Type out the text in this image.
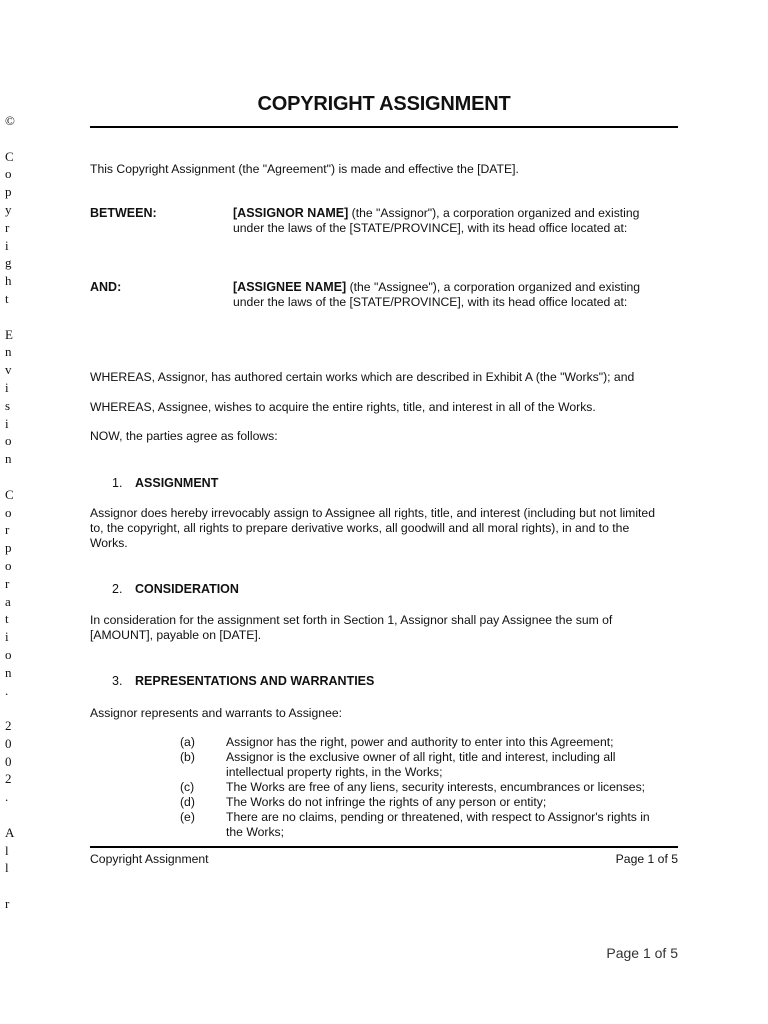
©
C
o
p
y
r
i
g
h
t
E
n
v
i
s
i
o
n
C
o
r
p
o
r
a
t
i
o
n
.
2
0
0
2
.
A
l
l
r
COPYRIGHT ASSIGNMENT
This Copyright Assignment (the "Agreement") is made and effective the [DATE].
BETWEEN:	[ASSIGNOR NAME] (the "Assignor"), a corporation organized and existing
under the laws of the [STATE/PROVINCE], with its head office located at:
AND:	[ASSIGNEE NAME] (the "Assignee"), a corporation organized and existing
under the laws of the [STATE/PROVINCE], with its head office located at:
WHEREAS, Assignor, has authored certain works which are described in Exhibit A (the "Works"); and
WHEREAS, Assignee, wishes to acquire the entire rights, title, and interest in all of the Works.
NOW, the parties agree as follows:
1. ASSIGNMENT
Assignor does hereby irrevocably assign to Assignee all rights, title, and interest (including but not limited
to, the copyright, all rights to prepare derivative works, all goodwill and all moral rights), in and to the
Works.
2. CONSIDERATION
In consideration for the assignment set forth in Section 1, Assignor shall pay Assignee the sum of
[AMOUNT], payable on [DATE].
3. REPRESENTATIONS AND WARRANTIES
Assignor represents and warrants to Assignee:
(a)	Assignor has the right, power and authority to enter into this Agreement;
(b)	Assignor is the exclusive owner of all right, title and interest, including all
intellectual property rights, in the Works;
(c)	The Works are free of any liens, security interests, encumbrances or licenses;
(d)	The Works do not infringe the rights of any person or entity;
(e)	There are no claims, pending or threatened, with respect to Assignor's rights in
the Works;
Copyright Assignment	Page 1 of 5
Page 1 of 5
